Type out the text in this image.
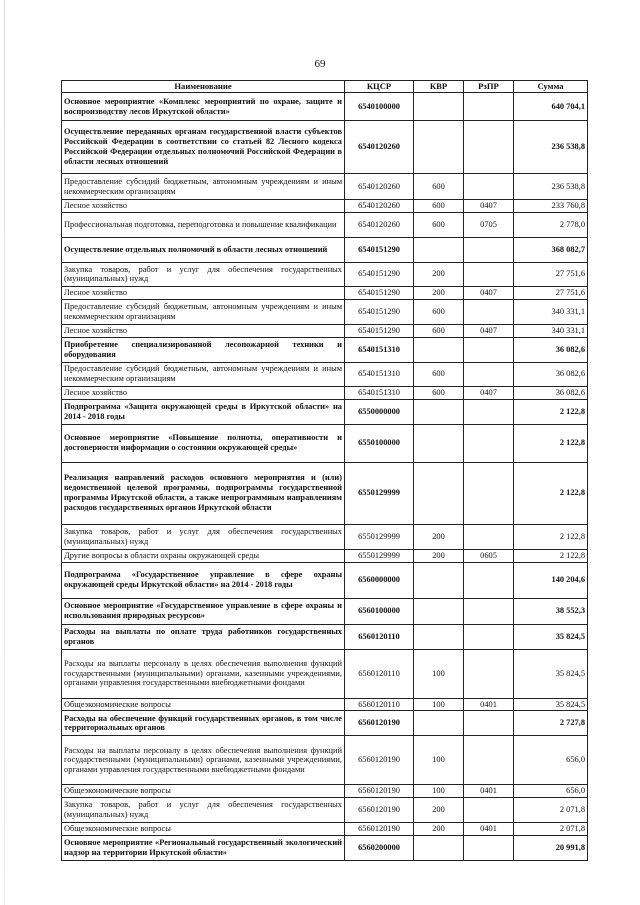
69
Наименование	КЦСР	КВР	РзПР	Сумма
Основное мероприятие «Комплекс мероприятий по охране, защите и воспроизводству лесов Иркутской области»	6540100000			640 704,1
Осуществление переданных органам государственной власти субъектов Российской Федерации в соответствии со статьей 82 Лесного кодекса Российской Федерации отдельных полномочий Российской Федерации в области лесных отношений	6540120260			236 538,8
Предоставление субсидий бюджетным, автономным учреждениям и иным некоммерческим организациям	6540120260	600		236 538,8
Лесное хозяйство	6540120260	600	0407	233 760,8
Профессиональная подготовка, переподготовка и повышение квалификации	6540120260	600	0705	2 778,0
Осуществление отдельных полномочий в области лесных отношений	6540151290			368 082,7
Закупка товаров, работ и услуг для обеспечения государственных (муниципальных) нужд	6540151290	200		27 751,6
Лесное хозяйство	6540151290	200	0407	27 751,6
Предоставление субсидий бюджетным, автономным учреждениям и иным некоммерческим организациям	6540151290	600		340 331,1
Лесное хозяйство	6540151290	600	0407	340 331,1
Приобретение специализированной лесопожарной техники и оборудования	6540151310			36 082,6
Предоставление субсидий бюджетным, автономным учреждениям и иным некоммерческим организациям	6540151310	600		36 082,6
Лесное хозяйство	6540151310	600	0407	36 082,6
Подпрограмма «Защита окружающей среды в Иркутской области» на 2014 - 2018 годы	6550000000			2 122,8
Основное мероприятие «Повышение полноты, оперативности и достоверности информации о состоянии окружающей среды»	6550100000			2 122,8
Реализация направлений расходов основного мероприятия и (или) ведомственной целевой программы, подпрограммы государственной программы Иркутской области, а также непрограммным направлениям расходов государственных органов Иркутской области	6550129999			2 122,8
Закупка товаров, работ и услуг для обеспечения государственных (муниципальных) нужд	6550129999	200		2 122,8
Другие вопросы в области охраны окружающей среды	6550129999	200	0605	2 122,8
Подпрограмма «Государственное управление в сфере охраны окружающей среды Иркутской области» на 2014 - 2018 годы	6560000000			140 204,6
Основное мероприятие «Государственное управление в сфере охраны и использования природных ресурсов»	6560100000			38 552,3
Расходы на выплаты по оплате труда работников государственных органов	6560120110			35 824,5
Расходы на выплаты персоналу в целях обеспечения выполнения функций государственными (муниципальными) органами, казенными учреждениями, органами управления государственными внебюджетными фондами	6560120110	100		35 824,5
Общеэкономические вопросы	6560120110	100	0401	35 824,5
Расходы на обеспечение функций государственных органов, в том числе территориальных органов	6560120190			2 727,8
Расходы на выплаты персоналу в целях обеспечения выполнения функций государственными (муниципальными) органами, казенными учреждениями, органами управления государственными внебюджетными фондами	6560120190	100		656,0
Общеэкономические вопросы	6560120190	100	0401	656,0
Закупка товаров, работ и услуг для обеспечения государственных (муниципальных) нужд	6560120190	200		2 071,8
Общеэкономические вопросы	6560120190	200	0401	2 071,8
Основное мероприятие «Региональный государственный экологический надзор на территории Иркутской области»	6560200000			20 991,8
